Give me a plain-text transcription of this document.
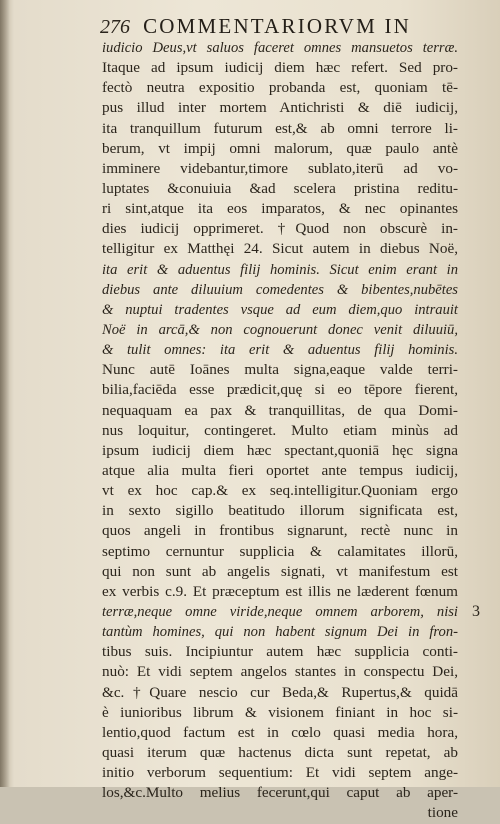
276 COMMENTARIORVM IN
iudicio Deus,vt saluos faceret omnes mansuetos terræ.
Itaque ad ipsum iudicij diem hæc refert. Sed pro-
fectò neutra expositio probanda est, quoniam tē-
pus illud inter mortem Antichristi & diē iudicij,
ita tranquillum futurum est,& ab omni terrore li-
berum, vt impij omni malorum, quæ paulo antè
imminere videbantur,timore sublato,iterū ad vo-
luptates &conuiuia &ad scelera pristina reditu-
ri sint,atque ita eos imparatos, & nec opinantes
dies iudicij opprimeret. †Quod non obscurè in-
telligitur ex Matthęi 24. Sicut autem in diebus Noë,
ita erit & aduentus filij hominis. Sicut enim erant in
diebus ante diluuium comedentes & bibentes,nubētes
& nuptui tradentes vsque ad eum diem,quo intrauit
Noë in arcā,& non cognouerunt donec venit diluuiū,
& tulit omnes: ita erit & aduentus filij hominis.
Nunc autē Ioānes multa signa,eaque valde terri-
bilia,faciēda esse prædicit,quę si eo tēpore fierent,
nequaquam ea pax & tranquillitas, de qua Domi-
nus loquitur, contingeret. Multo etiam minùs ad
ipsum iudicij diem hæc spectant,quoniā hęc signa
atque alia multa fieri oportet ante tempus iudicij,
vt ex hoc cap.& ex seq.intelligitur.Quoniam ergo
in sexto sigillo beatitudo illorum significata est,
quos angeli in frontibus signarunt, rectè nunc in
septimo cernuntur supplicia & calamitates illorū,
qui non sunt ab angelis signati, vt manifestum est
ex verbis c.9. Et præceptum est illis ne læderent fœnum
terræ,neque omne viride,neque omnem arborem, nisi
tantùm homines, qui non habent signum Dei in fron-
tibus suis. Incipiuntur autem hæc supplicia conti-
nuò: Et vidi septem angelos stantes in conspectu Dei,
&c.†Quare nescio cur Beda,& Rupertus,& quidā
è iunioribus librum & visionem finiant in hoc si-
lentio,quod factum est in cœlo quasi media hora,
quasi iterum quæ hactenus dicta sunt repetat, ab
initio verborum sequentium: Et vidi septem ange-
los,&c.Multo melius fecerunt,qui caput ab aper-
tione
3
